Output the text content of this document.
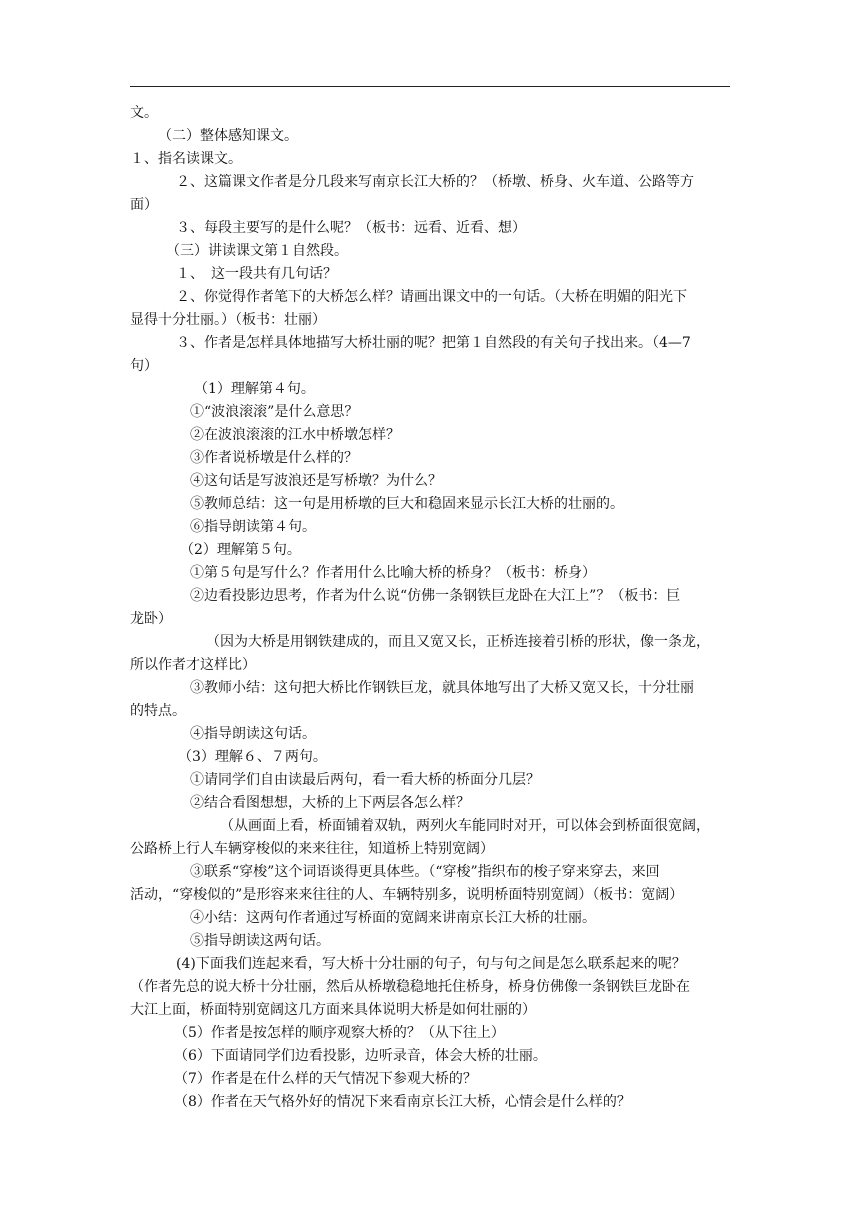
文。
（二）整体感知课文。
１、指名读课文。
２、这篇课文作者是分几段来写南京长江大桥的？（桥墩、桥身、火车道、公路等方
面）
３、每段主要写的是什么呢？（板书：远看、近看、想）
（三）讲读课文第１自然段。
１、　这一段共有几句话？
２、你觉得作者笔下的大桥怎么样？请画出课文中的一句话。（大桥在明媚的阳光下
显得十分壮丽。）（板书：壮丽）
３、作者是怎样具体地描写大桥壮丽的呢？把第１自然段的有关句子找出来。（4—7
句）
（1）理解第４句。
①“波浪滚滚”是什么意思？
②在波浪滚滚的江水中桥墩怎样？
③作者说桥墩是什么样的？
④这句话是写波浪还是写桥墩？为什么？
⑤教师总结：这一句是用桥墩的巨大和稳固来显示长江大桥的壮丽的。
⑥指导朗读第４句。
（2）理解第５句。
①第５句是写什么？作者用什么比喻大桥的桥身？（板书：桥身）
②边看投影边思考，作者为什么说“仿佛一条钢铁巨龙卧在大江上”？（板书：巨
龙卧）
（因为大桥是用钢铁建成的，而且又宽又长，正桥连接着引桥的形状，像一条龙，
所以作者才这样比）
③教师小结：这句把大桥比作钢铁巨龙，就具体地写出了大桥又宽又长，十分壮丽
的特点。
④指导朗读这句话。
（3）理解６、７两句。
①请同学们自由读最后两句，看一看大桥的桥面分几层？
②结合看图想想，大桥的上下两层各怎么样？
（从画面上看，桥面铺着双轨，两列火车能同时对开，可以体会到桥面很宽阔，
公路桥上行人车辆穿梭似的来来往往，知道桥上特别宽阔）
③联系“穿梭”这个词语谈得更具体些。（“穿梭”指织布的梭子穿来穿去，来回
活动，“穿梭似的”是形容来来往往的人、车辆特别多，说明桥面特别宽阔）（板书：宽阔）
④小结：这两句作者通过写桥面的宽阔来讲南京长江大桥的壮丽。
⑤指导朗读这两句话。
(4)下面我们连起来看，写大桥十分壮丽的句子，句与句之间是怎么联系起来的呢？
（作者先总的说大桥十分壮丽，然后从桥墩稳稳地托住桥身，桥身仿佛像一条钢铁巨龙卧在
大江上面，桥面特别宽阔这几方面来具体说明大桥是如何壮丽的）
（5）作者是按怎样的顺序观察大桥的？（从下往上）
（6）下面请同学们边看投影，边听录音，体会大桥的壮丽。
（7）作者是在什么样的天气情况下参观大桥的？
（8）作者在天气格外好的情况下来看南京长江大桥，心情会是什么样的？
